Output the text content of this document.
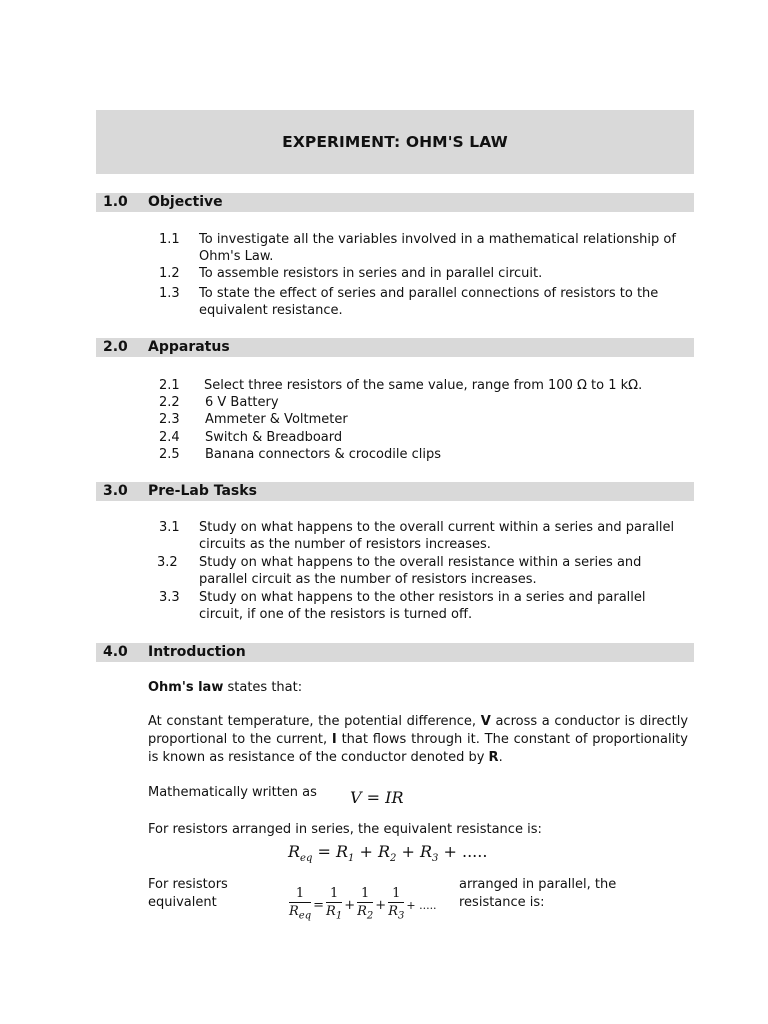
EXPERIMENT: OHM'S LAW
1.0 Objective
1.1 To investigate all the variables involved in a mathematical relationship of
Ohm's Law.
1.2 To assemble resistors in series and in parallel circuit.
1.3 To state the effect of series and parallel connections of resistors to the
equivalent resistance.
2.0 Apparatus
2.1 Select three resistors of the same value, range from 100 Ω to 1 kΩ.
2.2 6 V Battery
2.3 Ammeter & Voltmeter
2.4 Switch & Breadboard
2.5 Banana connectors & crocodile clips
3.0 Pre-Lab Tasks
3.1 Study on what happens to the overall current within a series and parallel
circuits as the number of resistors increases.
3.2 Study on what happens to the overall resistance within a series and
parallel circuit as the number of resistors increases.
3.3 Study on what happens to the other resistors in a series and parallel
circuit, if one of the resistors is turned off.
4.0 Introduction
Ohm's law states that:
At constant temperature, the potential difference, V across a conductor is directly proportional to the current, I that flows through it. The constant of proportionality is known as resistance of the conductor denoted by R.
Mathematically written as	V = IR
For resistors arranged in series, the equivalent resistance is:
$R_{eq} = R_1 + R_2 + R_3$ + .....
For resistors
equivalent
arranged in parallel, the
resistance is:
$\frac{1}{R_{eq}} = \frac{1}{R_1} + \frac{1}{R_2} + \frac{1}{R_3}$ + .....
